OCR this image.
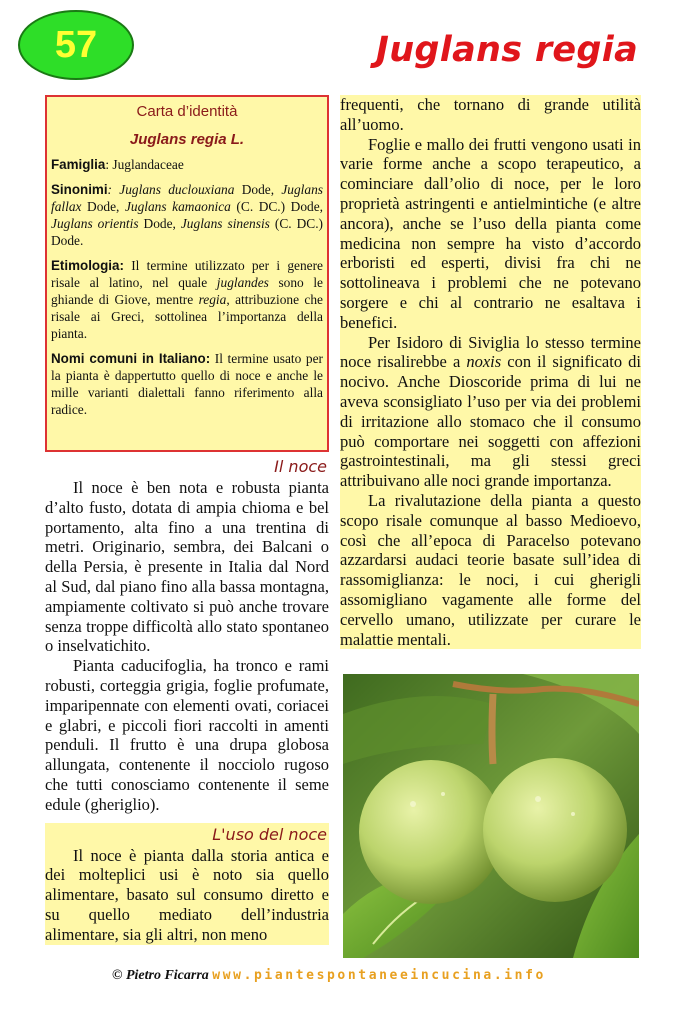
57	Juglans regia

Carta d’identità

Juglans regia L.

Famiglia: Juglandaceae

Sinonimi: Juglans duclouxiana Dode, Juglans fallax Dode, Juglans kamaonica (C. DC.) Dode, Juglans orientis Dode, Juglans sinensis (C. DC.) Dode.

Etimologia: Il termine utilizzato per i genere risale al latino, nel quale juglandes sono le ghiande di Giove, mentre regia, attribuzione che risale ai Greci, sottolinea l’importanza della pianta.

Nomi comuni in Italiano: Il termine usato per la pianta è dappertutto quello di noce e anche le mille varianti dialettali fanno riferimento alla radice.

Il noce

Il noce è ben nota e robusta pianta d’alto fusto, dotata di ampia chioma e bel portamento, alta fino a una trentina di metri. Originario, sembra, dei Balcani o della Persia, è presente in Italia dal Nord al Sud, dal piano fino alla bassa montagna, ampiamente coltivato si può anche trovare senza troppe difficoltà allo stato spontaneo o inselvatichito.

Pianta caducifoglia, ha tronco e rami robusti, corteggia grigia, foglie profumate, imparipennate con elementi ovati, coriacei e glabri, e piccoli fiori raccolti in amenti penduli. Il frutto è una drupa globosa allungata, contenente il nocciolo rugoso che tutti conosciamo contenente il seme edule (gheriglio).

L'uso del noce

Il noce è pianta dalla storia antica e dei molteplici usi è noto sia quello alimentare, basato sul consumo diretto e su quello mediato dell’industria alimentare, sia gli altri, non meno

frequenti, che tornano di grande utilità all’uomo.

Foglie e mallo dei frutti vengono usati in varie forme anche a scopo terapeutico, a cominciare dall’olio di noce, per le loro proprietà astringenti e antielmintiche (e altre ancora), anche se l’uso della pianta come medicina non sempre ha visto d’accordo erboristi ed esperti, divisi fra chi ne sottolineava i problemi che ne potevano sorgere e chi al contrario ne esaltava i benefici.

Per Isidoro di Siviglia lo stesso termine noce risalirebbe a noxis con il significato di nocivo. Anche Dioscoride prima di lui ne aveva sconsigliato l’uso per via dei problemi di irritazione allo stomaco che il consumo può comportare nei soggetti con affezioni gastrointestinali, ma gli stessi greci attribuivano alle noci grande importanza.

La rivalutazione della pianta a questo scopo risale comunque al basso Medioevo, così che all’epoca di Paracelso potevano azzardarsi audaci teorie basate sull’idea di rassomiglianza: le noci, i cui gherigli assomigliano vagamente alle forme del cervello umano, utilizzate per curare le malattie mentali.

© Pietro Ficarra www.piantespontaneeincucina.info
